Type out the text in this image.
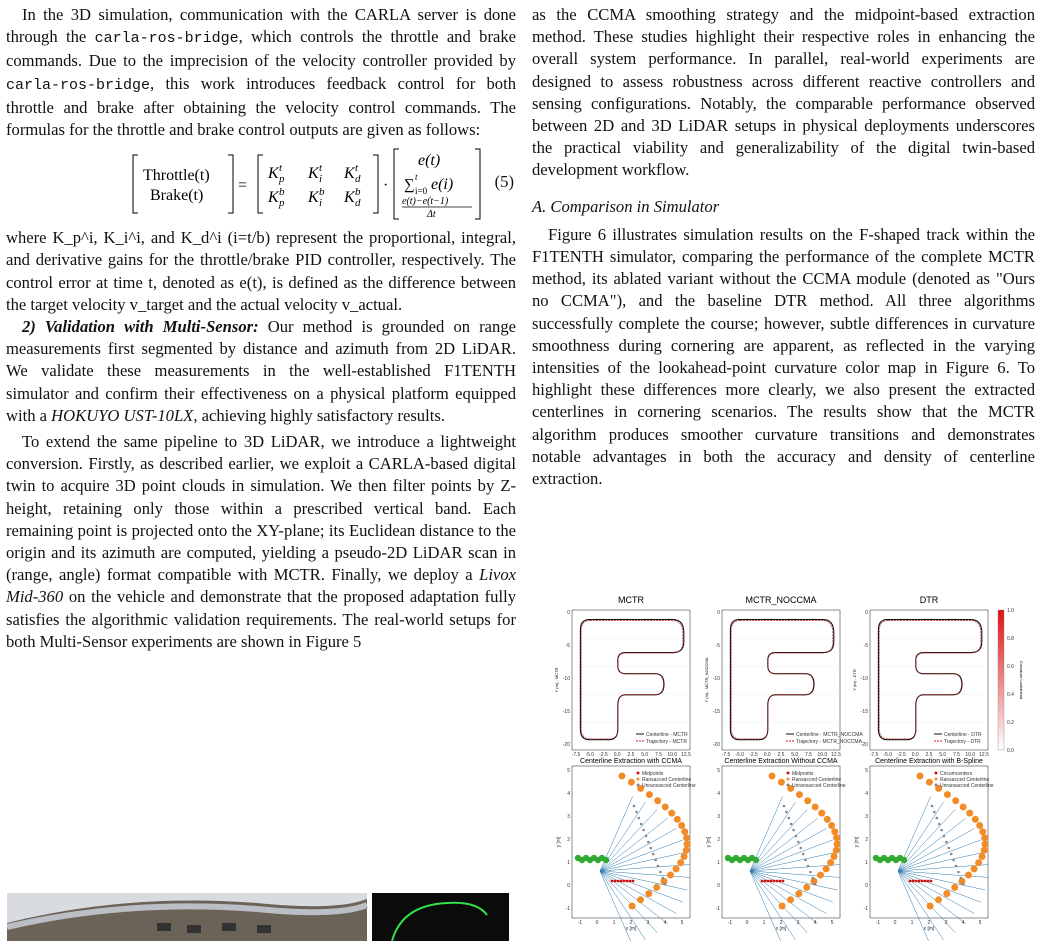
In the 3D simulation, communication with the CARLA server is done through the carla-ros-bridge, which controls the throttle and brake commands. Due to the imprecision of the velocity controller provided by carla-ros-bridge, this work introduces feedback control for both throttle and brake after obtaining the velocity control commands. The formulas for the throttle and brake control outputs are given as follows:

Throttle(t)
Brake(t)
=
K p
t K i
t K d
t
K p
b K i
b K d
b ·
e(t)
∑ i=0
t e(i)
e(t)−e(t−1)
Δt
(5)

where K_p^i, K_i^i, and K_d^i (i=t/b) represent the proportional, integral, and derivative gains for the throttle/brake PID controller, respectively. The control error at time t, denoted as e(t), is defined as the difference between the target velocity v_target and the actual velocity v_actual.

2) Validation with Multi-Sensor: Our method is grounded on range measurements first segmented by distance and azimuth from 2D LiDAR. We validate these measurements in the well-established F1TENTH simulator and confirm their effectiveness on a physical platform equipped with a HOKUYO UST-10LX, achieving highly satisfactory results.

To extend the same pipeline to 3D LiDAR, we introduce a lightweight conversion. Firstly, as described earlier, we exploit a CARLA-based digital twin to acquire 3D point clouds in simulation. We then filter points by Z-height, retaining only those within a prescribed vertical band. Each remaining point is projected onto the XY-plane; its Euclidean distance to the origin and its azimuth are computed, yielding a pseudo-2D LiDAR scan in (range, angle) format compatible with MCTR. Finally, we deploy a Livox Mid-360 on the vehicle and demonstrate that the proposed adaptation fully satisfies the algorithmic validation requirements. The real-world setups for both Multi-Sensor experiments are shown in Figure 5

as the CCMA smoothing strategy and the midpoint-based extraction method. These studies highlight their respective roles in enhancing the overall system performance. In parallel, real-world experiments are designed to assess robustness across different reactive controllers and sensing configurations. Notably, the comparable performance observed between 2D and 3D LiDAR setups in physical deployments underscores the practical viability and generalizability of the digital twin-based development workflow.

A. Comparison in Simulator

Figure 6 illustrates simulation results on the F-shaped track within the F1TENTH simulator, comparing the performance of the complete MCTR method, its ablated variant without the CCMA module (denoted as "Ours no CCMA"), and the baseline DTR method. All three algorithms successfully complete the course; however, subtle differences in curvature smoothness during cornering are apparent, as reflected in the varying intensities of the lookahead-point curvature color map in Figure 6. To highlight these differences more clearly, we also present the extracted centerlines in cornering scenarios. The results show that the MCTR algorithm produces smoother curvature transitions and demonstrates notable advantages in both the accuracy and density of centerline extraction.

MCTR
Y (m) - MCTR
0
-5
-10
-15
-20
-7.5 -5.0 -2.5 0.0 2.5 5.0 7.5 10.0 12.5
Centerline - MCTR
Trajectory - MCTR
MCTR_NOCCMA
Y (m) - MCTR_NOCCMA
0
-5
-10
-15
-20
-7.5 -5.0 -2.5 0.0 2.5 5.0 7.5 10.0 12.5
Centerline - MCTR_NOCCMA
Trajectory - MCTR_NOCCMA
DTR
Y (m) - DTR
0
-5
-10
-15
-20
-7.5 -5.0 -2.5 0.0 2.5 5.0 7.5 10.0 12.5
Centerline - DTR
Trajectory - DTR
1.0
0.8
0.6
0.4
0.2
0.0
Curvature Lookahead
Centerline Extraction with CCMA
-1	0	1	2	3	4	5
5
4
3
2
1
0
-1
x [m]
y [m]
Midpoints
Ransacced Centerline
Unransacced Centerline
Centerline Extraction Without CCMA
-1	0	1	2	3	4	5
5
4
3
2
1
0
-1
x [m]
y [m]
Midpoints
Ransacced Centerline
Unransacced Centerline
Centerline Extraction with B-Spline
-1	0	1	2	3	4	5
5
4
3
2
1
0
-1
x [m]
y [m]
Circumcenters
Ransacced Centerline
Unransacced Centerline
